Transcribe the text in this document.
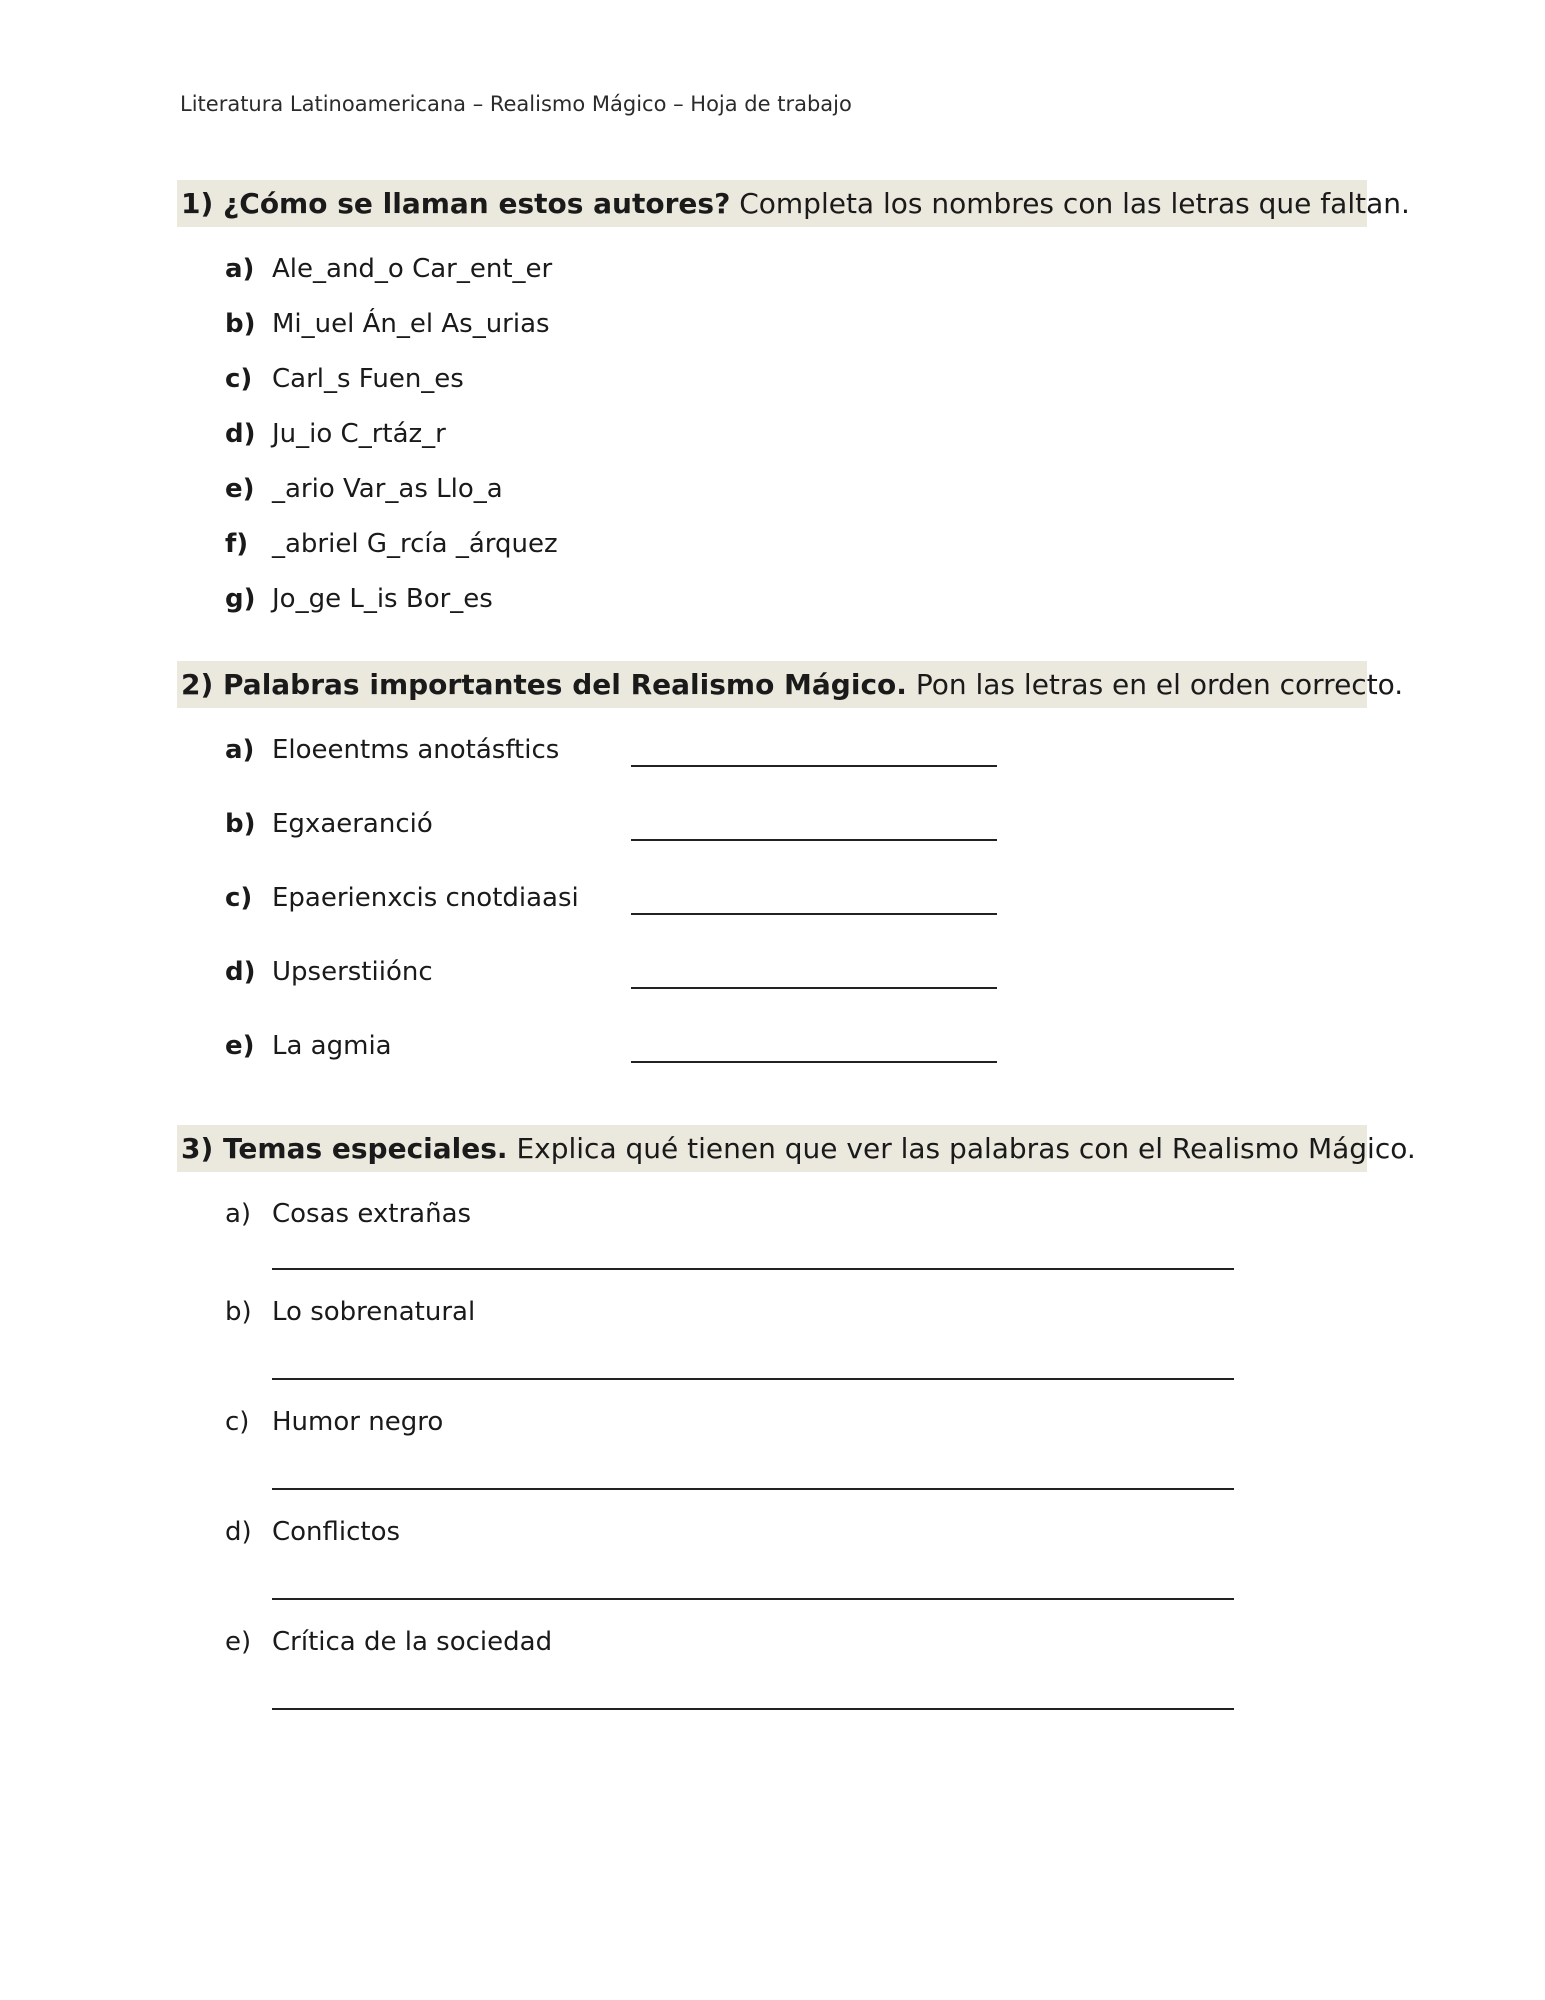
Literatura Latinoamericana – Realismo Mágico – Hoja de trabajo
1) ¿Cómo se llaman estos autores? Completa los nombres con las letras que faltan.
a) Ale_and_o Car_ent_er
b) Mi_uel Án_el As_urias
c) Carl_s Fuen_es
d) Ju_io C_rtáz_r
e) _ario Var_as Llo_a
f) _abriel G_rcía _árquez
g) Jo_ge L_is Bor_es
2) Palabras importantes del Realismo Mágico. Pon las letras en el orden correcto.
a) Eloeentms anotásftics
b) Egxaeranció
c) Epaerienxcis cnotdiaasi
d) Upserstiiónc
e) La agmia
3) Temas especiales. Explica qué tienen que ver las palabras con el Realismo Mágico.
a) Cosas extrañas
b) Lo sobrenatural
c) Humor negro
d) Conflictos
e) Crítica de la sociedad
